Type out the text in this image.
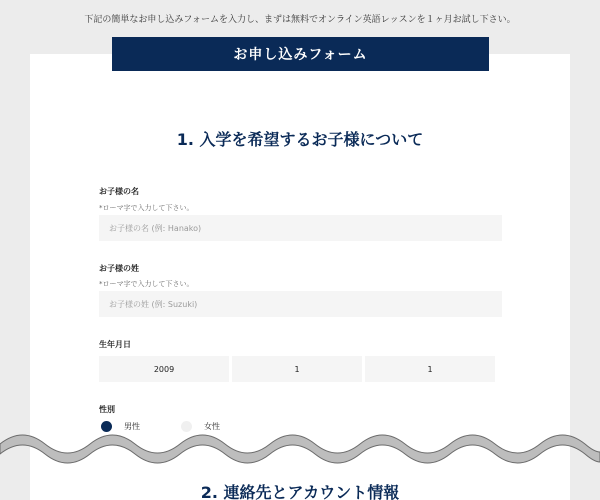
下記の簡単なお申し込みフォームを入力し、まずは無料でオンライン英語レッスンを１ヶ月お試し下さい。
お申し込みフォーム
1. 入学を希望するお子様について
お子様の名
*ローマ字で入力して下さい。
お子様の名 (例: Hanako)
お子様の姓
*ローマ字で入力して下さい。
お子様の姓 (例: Suzuki)
生年月日
2009	1	1
性別
男性	女性
2. 連絡先とアカウント情報
